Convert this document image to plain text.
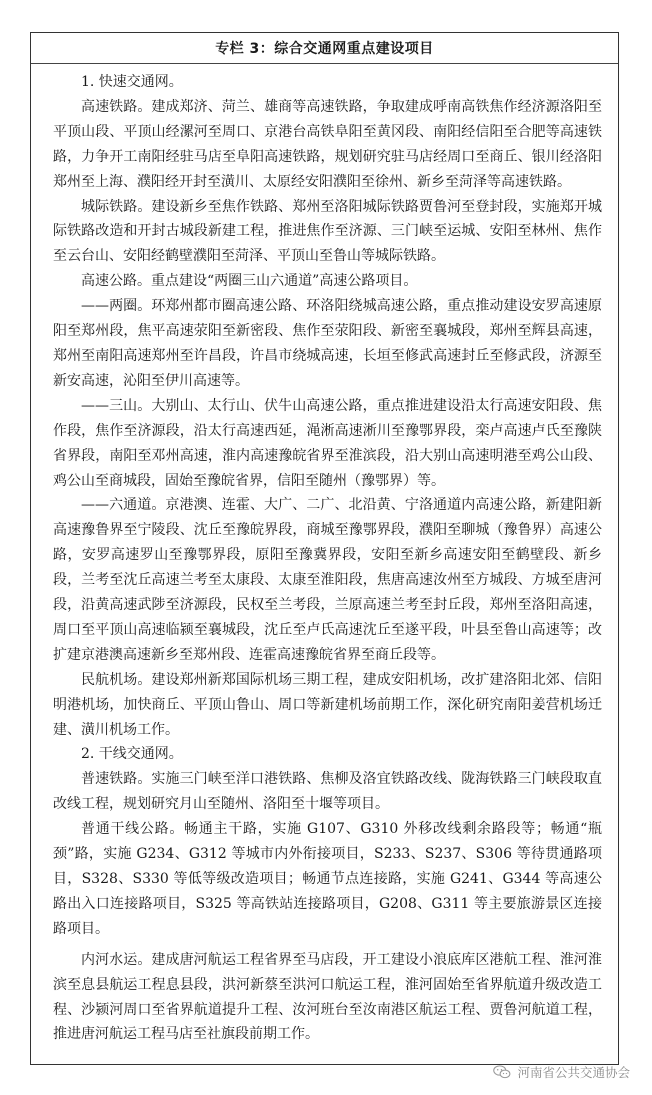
专栏 3：综合交通网重点建设项目

1. 快速交通网。

高速铁路。建成郑济、菏兰、雄商等高速铁路，争取建成呼南高铁焦作经济源洛阳至平顶山段、平顶山经漯河至周口、京港台高铁阜阳至黄冈段、南阳经信阳至合肥等高速铁路，力争开工南阳经驻马店至阜阳高速铁路，规划研究驻马店经周口至商丘、银川经洛阳郑州至上海、濮阳经开封至潢川、太原经安阳濮阳至徐州、新乡至菏泽等高速铁路。

城际铁路。建设新乡至焦作铁路、郑州至洛阳城际铁路贾鲁河至登封段，实施郑开城际铁路改造和开封古城段新建工程，推进焦作至济源、三门峡至运城、安阳至林州、焦作至云台山、安阳经鹤壁濮阳至菏泽、平顶山至鲁山等城际铁路。

高速公路。重点建设“两圈三山六通道”高速公路项目。

——两圈。环郑州都市圈高速公路、环洛阳绕城高速公路，重点推动建设安罗高速原阳至郑州段，焦平高速荥阳至新密段、焦作至荥阳段、新密至襄城段，郑州至辉县高速，郑州至南阳高速郑州至许昌段，许昌市绕城高速，长垣至修武高速封丘至修武段，济源至新安高速，沁阳至伊川高速等。

——三山。大别山、太行山、伏牛山高速公路，重点推进建设沿太行高速安阳段、焦作段，焦作至济源段，沿太行高速西延，渑淅高速淅川至豫鄂界段，栾卢高速卢氏至豫陕省界段，南阳至邓州高速，淮内高速豫皖省界至淮滨段，沿大别山高速明港至鸡公山段、鸡公山至商城段，固始至豫皖省界，信阳至随州（豫鄂界）等。

——六通道。京港澳、连霍、大广、二广、北沿黄、宁洛通道内高速公路，新建阳新高速豫鲁界至宁陵段、沈丘至豫皖界段，商城至豫鄂界段，濮阳至聊城（豫鲁界）高速公路，安罗高速罗山至豫鄂界段，原阳至豫冀界段，安阳至新乡高速安阳至鹤壁段、新乡段，兰考至沈丘高速兰考至太康段、太康至淮阳段，焦唐高速汝州至方城段、方城至唐河段，沿黄高速武陟至济源段，民权至兰考段，兰原高速兰考至封丘段，郑州至洛阳高速，周口至平顶山高速临颍至襄城段，沈丘至卢氏高速沈丘至遂平段，叶县至鲁山高速等；改扩建京港澳高速新乡至郑州段、连霍高速豫皖省界至商丘段等。

民航机场。建设郑州新郑国际机场三期工程，建成安阳机场，改扩建洛阳北郊、信阳明港机场，加快商丘、平顶山鲁山、周口等新建机场前期工作，深化研究南阳姜营机场迁建、潢川机场工作。

2. 干线交通网。

普速铁路。实施三门峡至洋口港铁路、焦柳及洛宜铁路改线、陇海铁路三门峡段取直改线工程，规划研究月山至随州、洛阳至十堰等项目。

普通干线公路。畅通主干路，实施 G107、G310 外移改线剩余路段等；畅通“瓶颈”路，实施 G234、G312 等城市内外衔接项目，S233、S237、S306 等待贯通路项目，S328、S330 等低等级改造项目；畅通节点连接路，实施 G241、G344 等高速公路出入口连接路项目，S325 等高铁站连接路项目，G208、G311 等主要旅游景区连接路项目。

内河水运。建成唐河航运工程省界至马店段，开工建设小浪底库区港航工程、淮河淮滨至息县航运工程息县段，洪河新蔡至洪河口航运工程，淮河固始至省界航道升级改造工程、沙颍河周口至省界航道提升工程、汝河班台至汝南港区航运工程、贾鲁河航道工程，推进唐河航运工程马店至社旗段前期工作。

河南省公共交通协会
